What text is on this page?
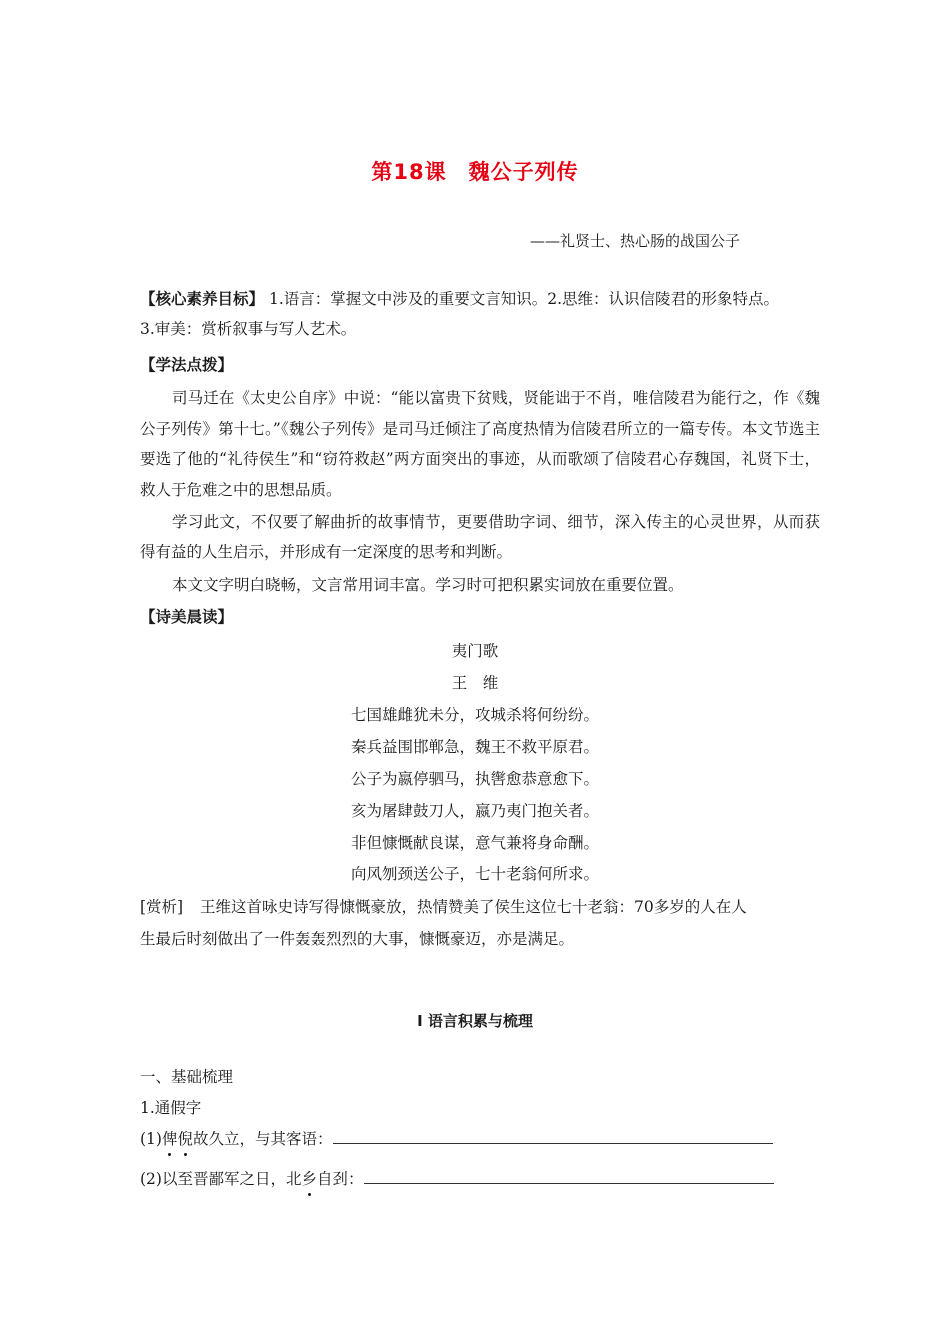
第18课　魏公子列传
——礼贤士、热心肠的战国公子
【核心素养目标】 1.语言：掌握文中涉及的重要文言知识。2.思维：认识信陵君的形象特点。
3.审美：赏析叙事与写人艺术。
【学法点拨】
司马迁在《太史公自序》中说：“能以富贵下贫贱，贤能诎于不肖，唯信陵君为能行之，作《魏公子列传》第十七。”《魏公子列传》是司马迁倾注了高度热情为信陵君所立的一篇专传。本文节选主要选了他的“礼待侯生”和“窃符救赵”两方面突出的事迹，从而歌颂了信陵君心存魏国，礼贤下士，救人于危难之中的思想品质。
学习此文，不仅要了解曲折的故事情节，更要借助字词、细节，深入传主的心灵世界，从而获得有益的人生启示，并形成有一定深度的思考和判断。
本文文字明白晓畅，文言常用词丰富。学习时可把积累实词放在重要位置。
【诗美晨读】
夷门歌
王　维
七国雄雌犹未分，攻城杀将何纷纷。
秦兵益围邯郸急，魏王不救平原君。
公子为嬴停驷马，执辔愈恭意愈下。
亥为屠肆鼓刀人，嬴乃夷门抱关者。
非但慷慨献良谋，意气兼将身命酬。
向风刎颈送公子，七十老翁何所求。
[赏析] 王维这首咏史诗写得慷慨豪放，热情赞美了侯生这位七十老翁：70多岁的人在人
生最后时刻做出了一件轰轰烈烈的大事，慷慨豪迈，亦是满足。
Ⅰ 语言积累与梳理
一、基础梳理
1.通假字
(1)俾倪故久立，与其客语：
(2)以至晋鄙军之日，北乡自刭：
